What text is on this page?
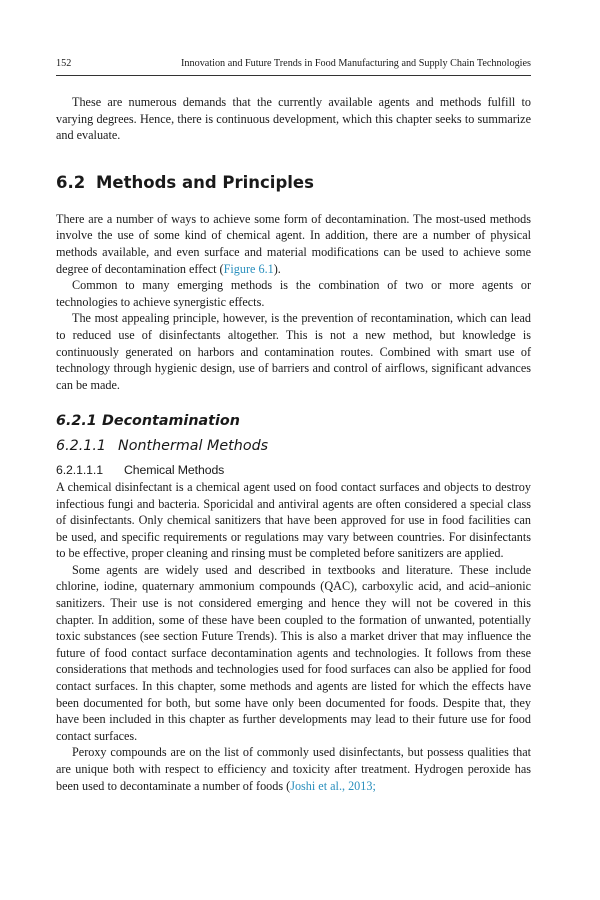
152	Innovation and Future Trends in Food Manufacturing and Supply Chain Technologies

These are numerous demands that the currently available agents and methods fulfill to varying degrees. Hence, there is continuous development, which this chapter seeks to summarize and evaluate.

6.2 Methods and Principles

There are a number of ways to achieve some form of decontamination. The most-used methods involve the use of some kind of chemical agent. In addition, there are a number of physical methods available, and even surface and material modifications can be used to achieve some degree of decontamination effect (Figure 6.1).

Common to many emerging methods is the combination of two or more agents or technologies to achieve synergistic effects.

The most appealing principle, however, is the prevention of recontamination, which can lead to reduced use of disinfectants altogether. This is not a new method, but knowledge is continuously generated on harbors and contamination routes. Combined with smart use of technology through hygienic design, use of barriers and control of airflows, significant advances can be made.

6.2.1 Decontamination
6.2.1.1 Nonthermal Methods
6.2.1.1.1 Chemical Methods

A chemical disinfectant is a chemical agent used on food contact surfaces and objects to destroy infectious fungi and bacteria. Sporicidal and antiviral agents are often considered a special class of disinfectants. Only chemical sanitizers that have been approved for use in food facilities can be used, and specific requirements or regulations may vary between countries. For disinfectants to be effective, proper cleaning and rinsing must be completed before sanitizers are applied.

Some agents are widely used and described in textbooks and literature. These include chlorine, iodine, quaternary ammonium compounds (QAC), carboxylic acid, and acid–anionic sanitizers. Their use is not considered emerging and hence they will not be covered in this chapter. In addition, some of these have been coupled to the formation of unwanted, potentially toxic substances (see section Future Trends). This is also a market driver that may influence the future of food contact surface decontamination agents and technologies. It follows from these considerations that methods and technologies used for food surfaces can also be applied for food contact surfaces. In this chapter, some methods and agents are listed for which the effects have been documented for both, but some have only been documented for foods. Despite that, they have been included in this chapter as further developments may lead to their future use for food contact surfaces.

Peroxy compounds are on the list of commonly used disinfectants, but possess qualities that are unique both with respect to efficiency and toxicity after treatment. Hydrogen peroxide has been used to decontaminate a number of foods (Joshi et al., 2013;
